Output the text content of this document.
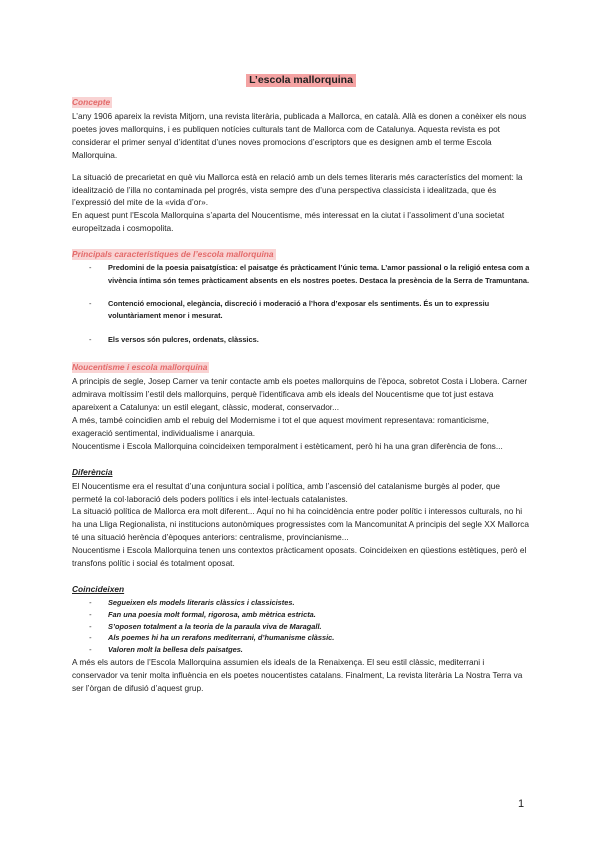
L’escola mallorquina
Concepte

L’any 1906 apareix la revista Mitjorn, una revista literària, publicada a Mallorca, en català. Allà es donen a conèixer els nous poetes joves mallorquins, i es publiquen notícies culturals tant de Mallorca com de Catalunya. Aquesta revista es pot considerar el primer senyal d’identitat d’unes noves promocions d’escriptors que es designen amb el terme Escola Mallorquina.

La situació de precarietat en què viu Mallorca està en relació amb un dels temes literaris més característics del moment: la idealització de l’illa no contaminada pel progrés, vista sempre des d’una perspectiva classicista i idealitzada, que és l’expressió del mite de la «vida d’or».

En aquest punt l’Escola Mallorquina s’aparta del Noucentisme, més interessat en la ciutat i l’assoliment d’una societat europeïtzada i cosmopolita.

Principals característiques de l’escola mallorquina
- Predomini de la poesia paisatgística: el paisatge és pràcticament l’únic tema. L’amor passional o la religió entesa com a vivència íntima són temes pràcticament absents en els nostres poetes. Destaca la presència de la Serra de Tramuntana.
- Contenció emocional, elegància, discreció i moderació a l’hora d’exposar els sentiments. És un to expressiu voluntàriament menor i mesurat.
- Els versos són pulcres, ordenats, clàssics.
Noucentisme i escola mallorquina

A principis de segle, Josep Carner va tenir contacte amb els poetes mallorquins de l’època, sobretot Costa i Llobera. Carner admirava moltíssim l’estil dels mallorquins, perquè l’identificava amb els ideals del Noucentisme que tot just estava apareixent a Catalunya: un estil elegant, clàssic, moderat, conservador...

A més, també coincidien amb el rebuig del Modernisme i tot el que aquest moviment representava: romanticisme, exageració sentimental, individualisme i anarquia.

Noucentisme i Escola Mallorquina coincideixen temporalment i estèticament, però hi ha una gran diferència de fons...

Diferència

El Noucentisme era el resultat d’una conjuntura social i política, amb l’ascensió del catalanisme burgès al poder, que permeté la col·laboració dels poders polítics i els intel·lectuals catalanistes.

La situació política de Mallorca era molt diferent... Aquí no hi ha coincidència entre poder polític i interessos culturals, no hi ha una Lliga Regionalista, ni institucions autonòmiques progressistes com la Mancomunitat A principis del segle XX Mallorca té una situació herència d’èpoques anteriors: centralisme, provincianisme...

Noucentisme i Escola Mallorquina tenen uns contextos pràcticament oposats. Coincideixen en qüestions estètiques, però el transfons polític i social és totalment oposat.

Coincideixen
- Segueixen els models literaris clàssics i classicistes.
- Fan una poesia molt formal, rigorosa, amb mètrica estricta.
- S’oposen totalment a la teoria de la paraula viva de Maragall.
- Als poemes hi ha un rerafons mediterrani, d’humanisme clàssic.
- Valoren molt la bellesa dels paisatges.

A més els autors de l’Escola Mallorquina assumien els ideals de la Renaixença. El seu estil clàssic, mediterrani i conservador va tenir molta influència en els poetes noucentistes catalans. Finalment, La revista literària La Nostra Terra va ser l’òrgan de difusió d’aquest grup.

1
